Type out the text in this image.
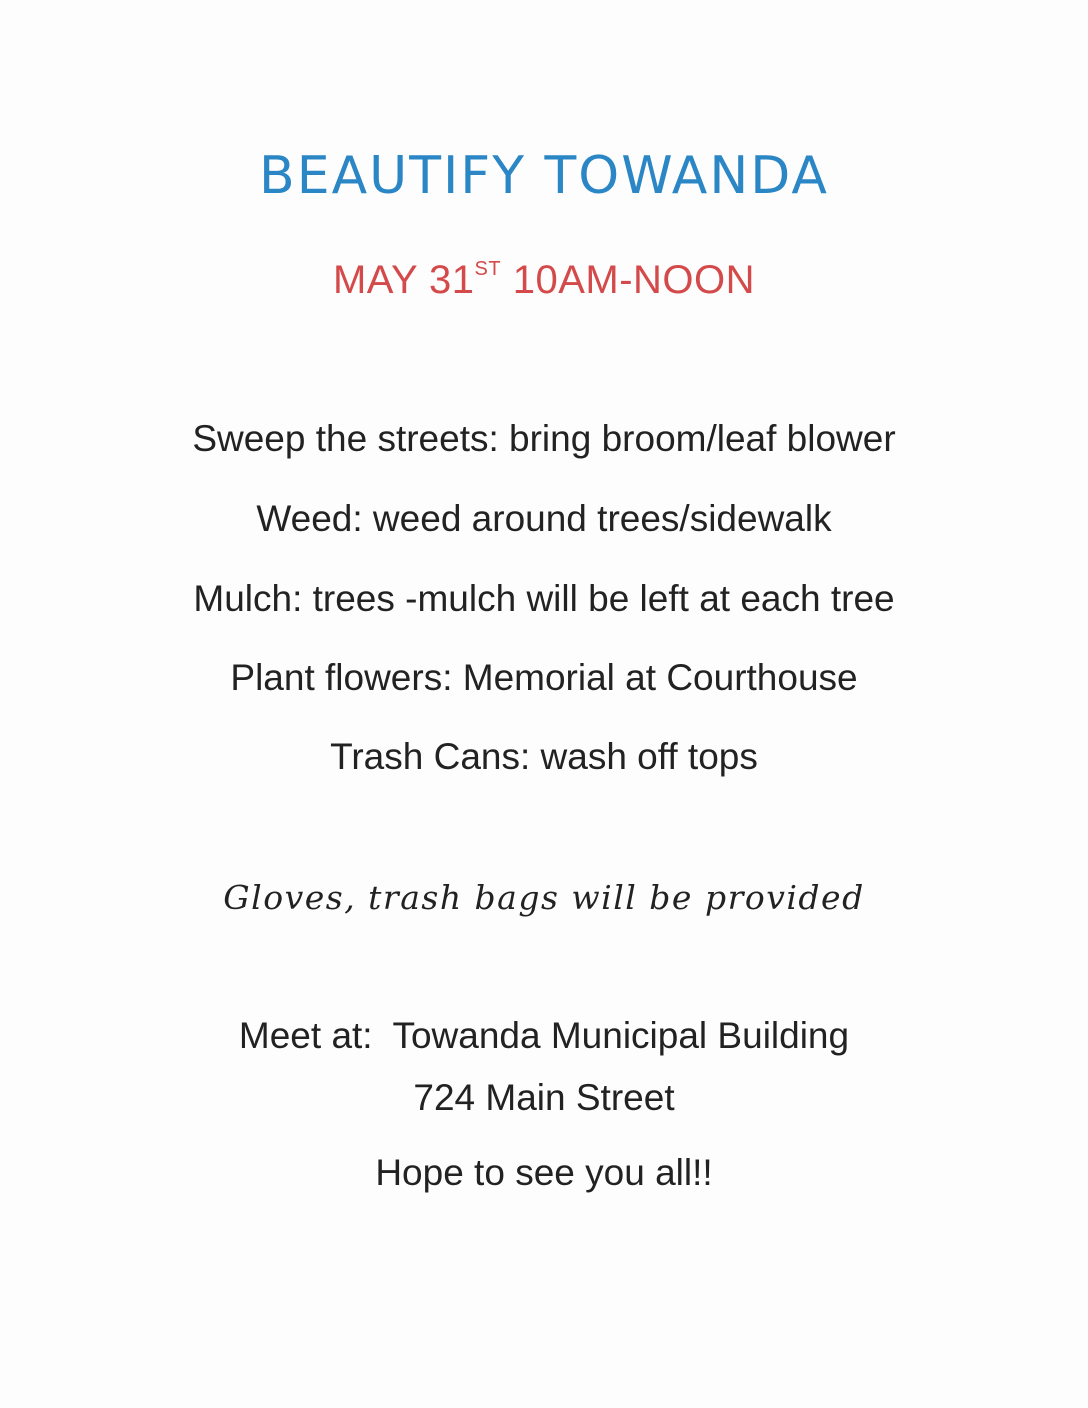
BEAUTIFY TOWANDA
MAY 31ST 10AM-NOON
Sweep the streets: bring broom/leaf blower
Weed: weed around trees/sidewalk
Mulch: trees -mulch will be left at each tree
Plant flowers: Memorial at Courthouse
Trash Cans: wash off tops
Gloves, trash bags will be provided
Meet at:  Towanda Municipal Building
724 Main Street
Hope to see you all!!
